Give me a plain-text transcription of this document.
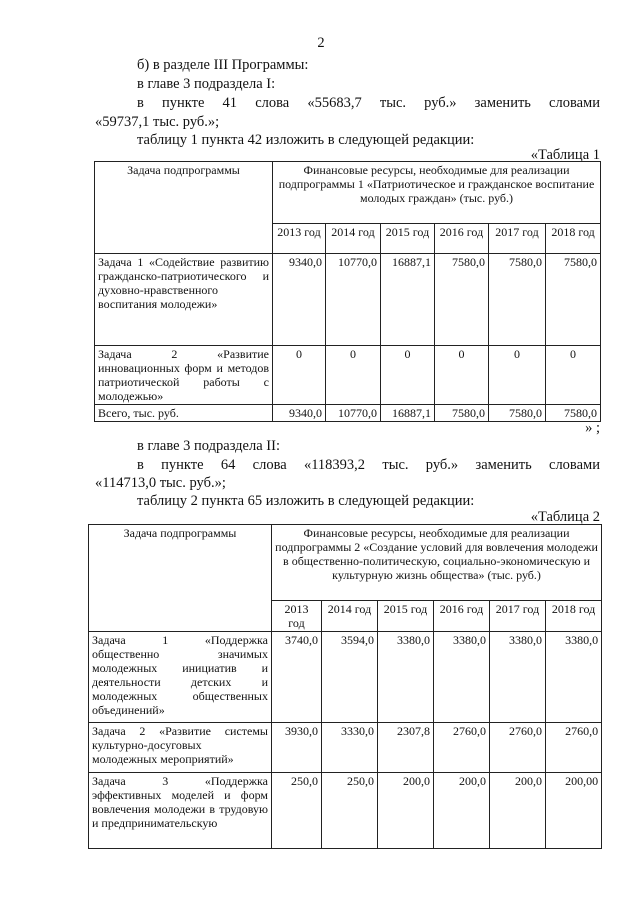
2
б) в разделе III Программы:
в главе 3 подраздела I:
в пункте 41 слова «55683,7 тыс. руб.» заменить словами
«59737,1 тыс. руб.»;
таблицу 1 пункта 42 изложить в следующей редакции:
«Таблица 1
Задача подпрограммы	Финансовые ресурсы, необходимые для реализации подпрограммы 1 «Патриотическое и гражданское воспитание молодых граждан» (тыс. руб.)					
	2013 год	2014 год	2015 год	2016 год	2017 год	2018 год
Задача 1 «Содействие развитию гражданско-патриотического и духовно-нравственного воспитания молодежи»	9340,0	10770,0	16887,1	7580,0	7580,0	7580,0
Задача 2 «Развитие инновационных форм и методов патриотической работы с молодежью»	0	0	0	0	0	0
Всего, тыс. руб.	9340,0	10770,0	16887,1	7580,0	7580,0	7580,0
» ;
в главе 3 подраздела II:
в пункте 64 слова «118393,2 тыс. руб.» заменить словами
«114713,0 тыс. руб.»;
таблицу 2 пункта 65 изложить в следующей редакции:
«Таблица 2
Задача подпрограммы	Финансовые ресурсы, необходимые для реализации подпрограммы 2 «Создание условий для вовлечения молодежи в общественно-политическую, социально-экономическую и культурную жизнь общества» (тыс. руб.)					
	2013 год	2014 год	2015 год	2016 год	2017 год	2018 год
Задача 1 «Поддержка общественно значимых молодежных инициатив и деятельности детских и молодежных общественных объединений»	3740,0	3594,0	3380,0	3380,0	3380,0	3380,0
Задача 2 «Развитие системы культурно-досуговых молодежных мероприятий»	3930,0	3330,0	2307,8	2760,0	2760,0	2760,0
Задача 3 «Поддержка эффективных моделей и форм вовлечения молодежи в трудовую и предпринимательскую	250,0	250,0	200,0	200,0	200,0	200,00
